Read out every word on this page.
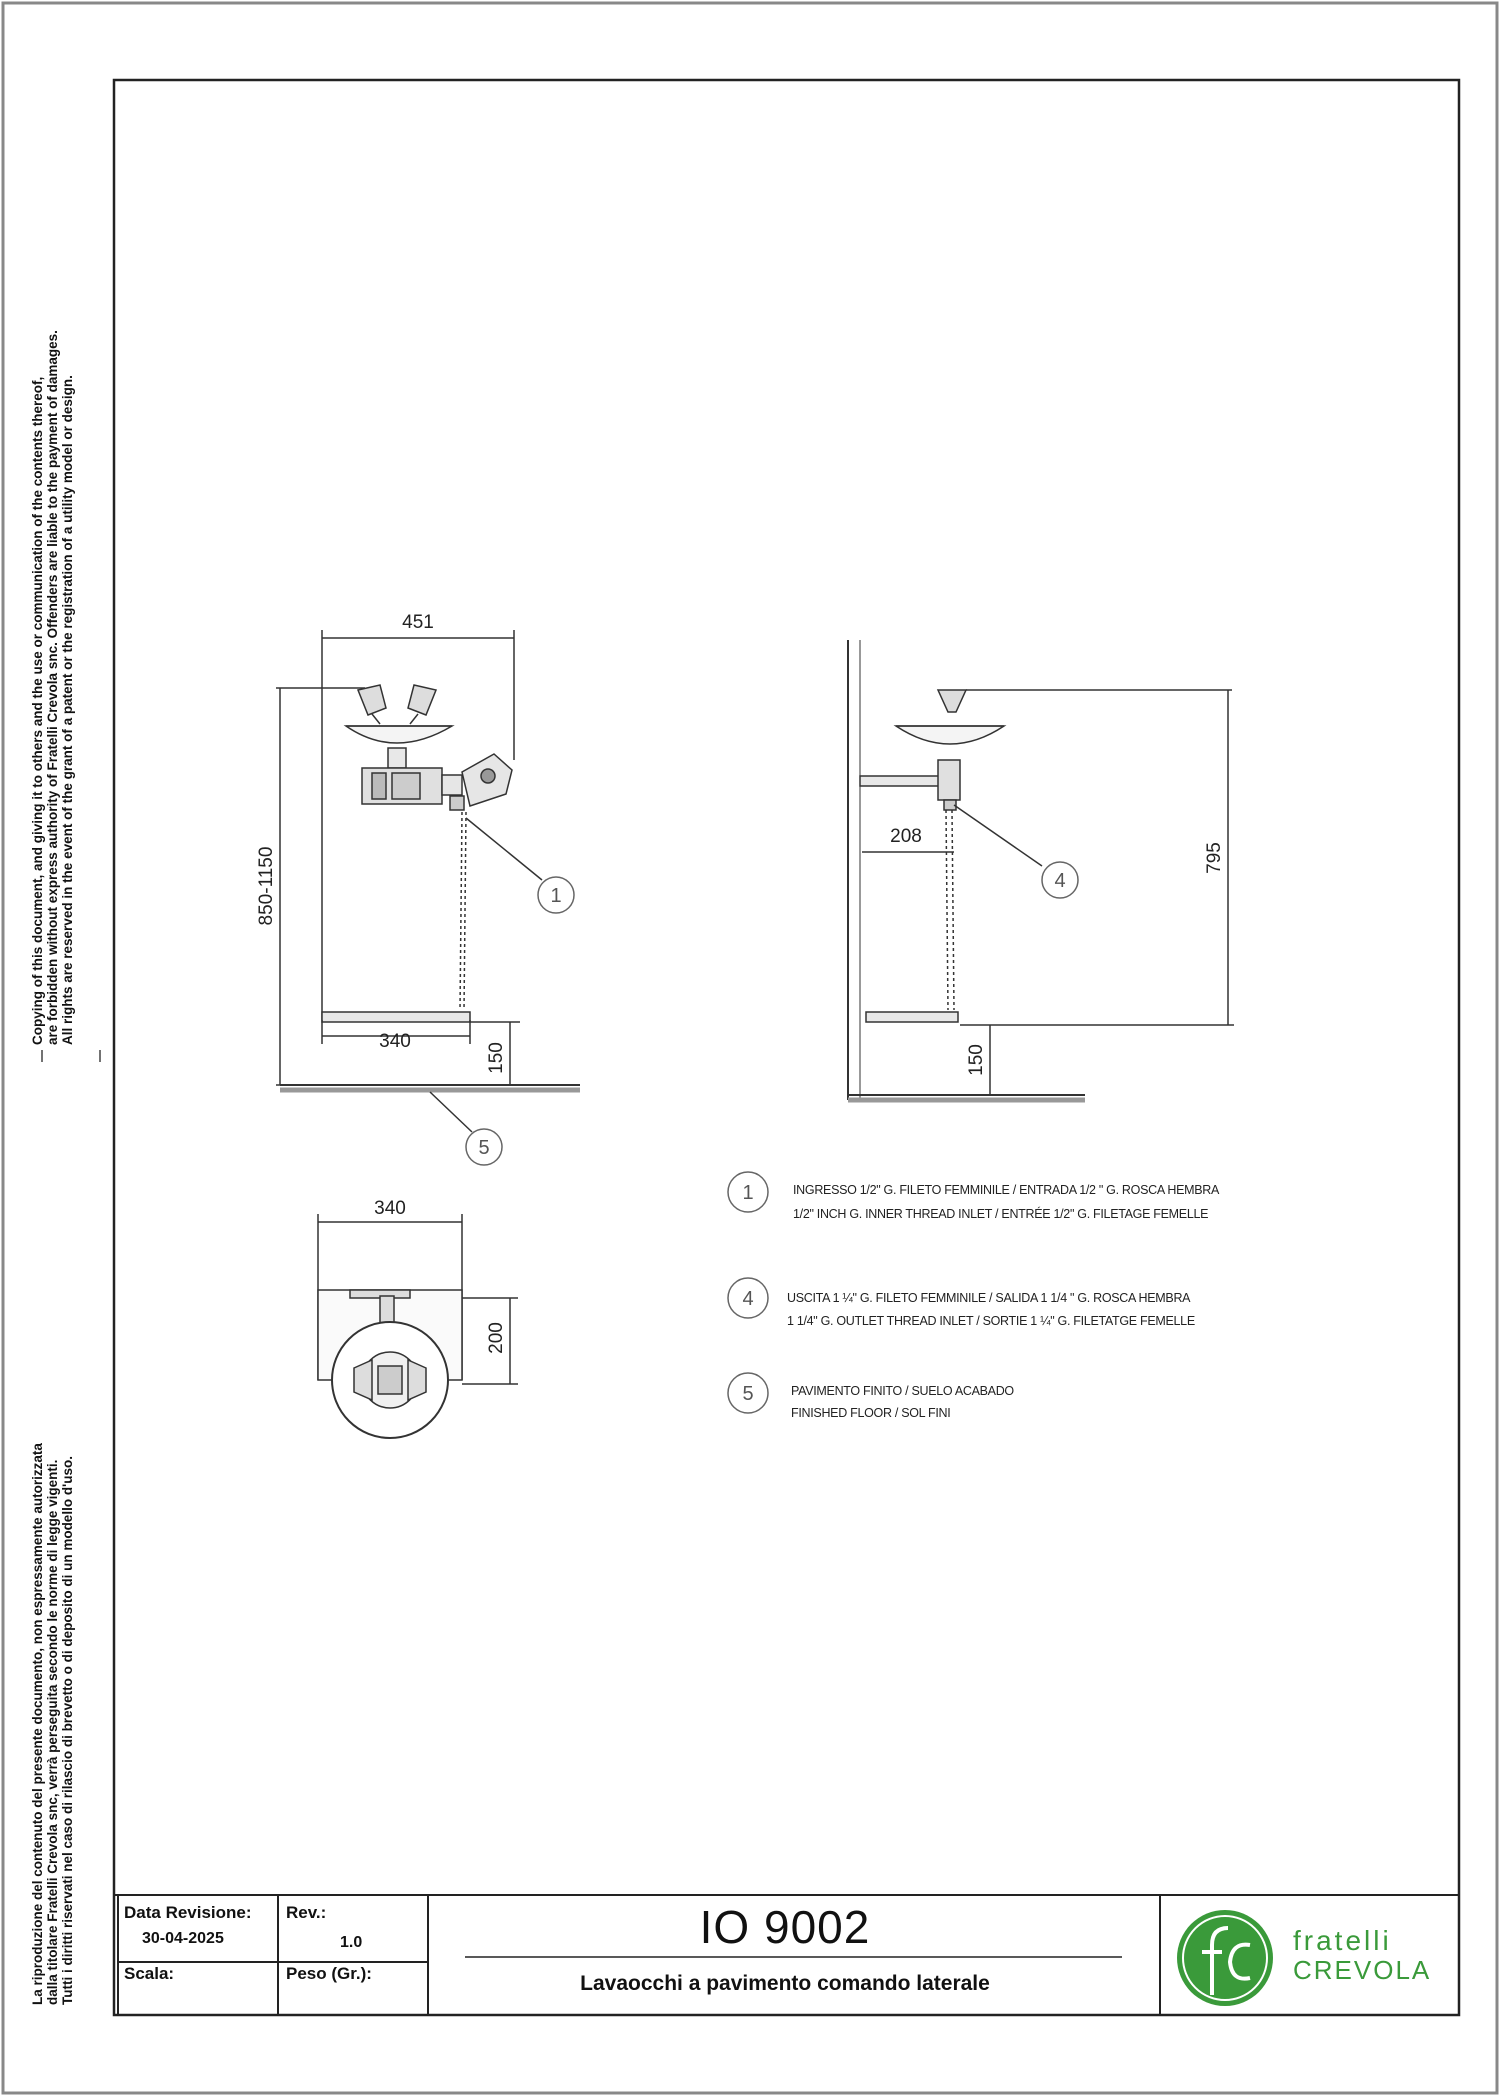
451
850-1150
340
150
208
795
150
340
200
1
4
5
1
4
5
Copying of this document, and giving it to others and the use or communication of the contents thereof, are forbidden without express authority of Fratelli Crevola snc. Offenders are liable to the payment of damages. All rights are reserved in the event of the grant of a patent or the registration of a utility model or design.
La riproduzione del contenuto del presente documento, non espressamente autorizzata dalla titolare Fratelli Crevola snc, verrà perseguita secondo le norme di legge vigenti. Tutti i diritti riservati nel caso di rilascio di brevetto o di deposito di un modello d'uso.
INGRESSO 1/2" G. FILETO FEMMINILE / ENTRADA 1/2 " G. ROSCA HEMBRA
1/2" INCH G. INNER THREAD INLET / ENTRÉE 1/2" G. FILETAGE FEMELLE
USCITA 1 ¼" G. FILETO FEMMINILE / SALIDA 1 1/4 " G. ROSCA HEMBRA
1 1/4" G. OUTLET THREAD INLET / SORTIE 1 ¼" G. FILETATGE FEMELLE
PAVIMENTO FINITO / SUELO ACABADO
FINISHED FLOOR / SOL FINI
Data Revisione:
30-04-2025
Rev.:
1.0
Scala:	Peso (Gr.):
IO 9002
Lavaocchi a pavimento comando laterale
fratelli
CREVOLA
